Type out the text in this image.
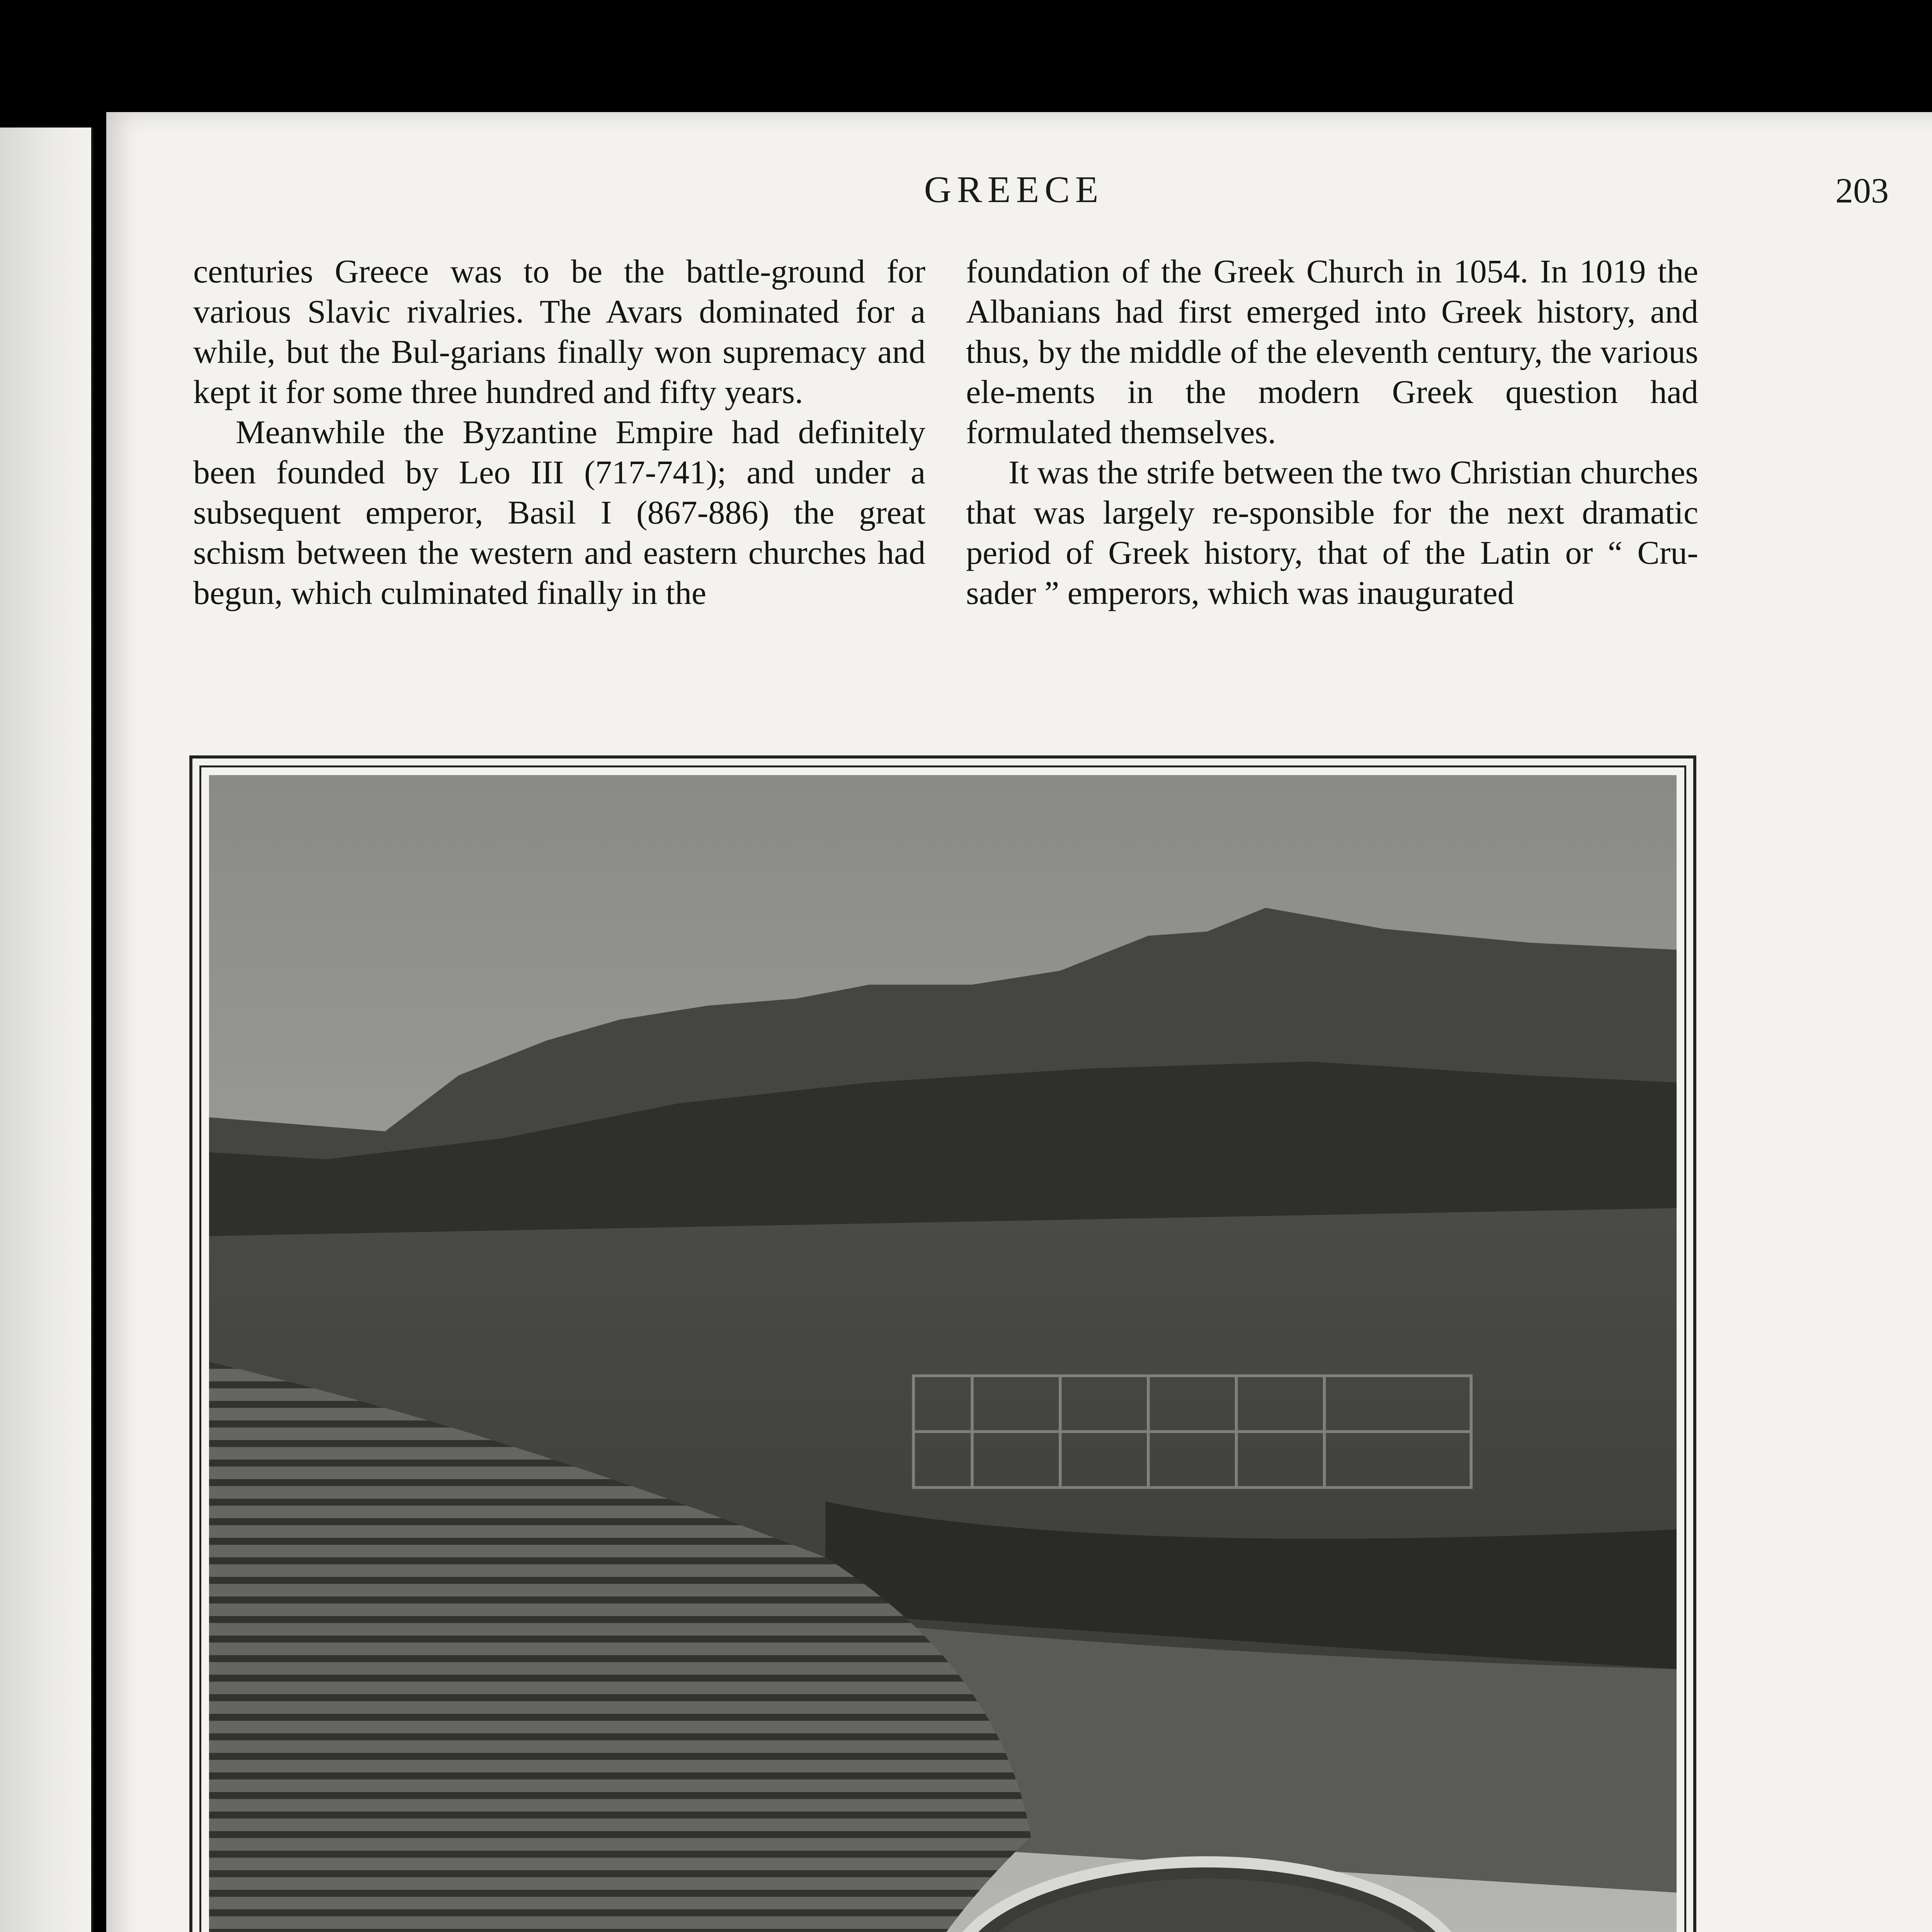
GREECE	203

centuries Greece was to be the battle-ground for various Slavic rivalries. The Avars dominated for a while, but the Bul-garians finally won supremacy and kept it for some three hundred and fifty years.

Meanwhile the Byzantine Empire had definitely been founded by Leo III (717-741); and under a subsequent emperor, Basil I (867-886) the great schism between the western and eastern churches had begun, which culminated finally in the

foundation of the Greek Church in 1054. In 1019 the Albanians had first emerged into Greek history, and thus, by the middle of the eleventh century, the various ele-ments in the modern Greek question had formulated themselves.

It was the strife between the two Christian churches that was largely re-sponsible for the next dramatic period of Greek history, that of the Latin or “ Cru-sader ” emperors, which was inaugurated
